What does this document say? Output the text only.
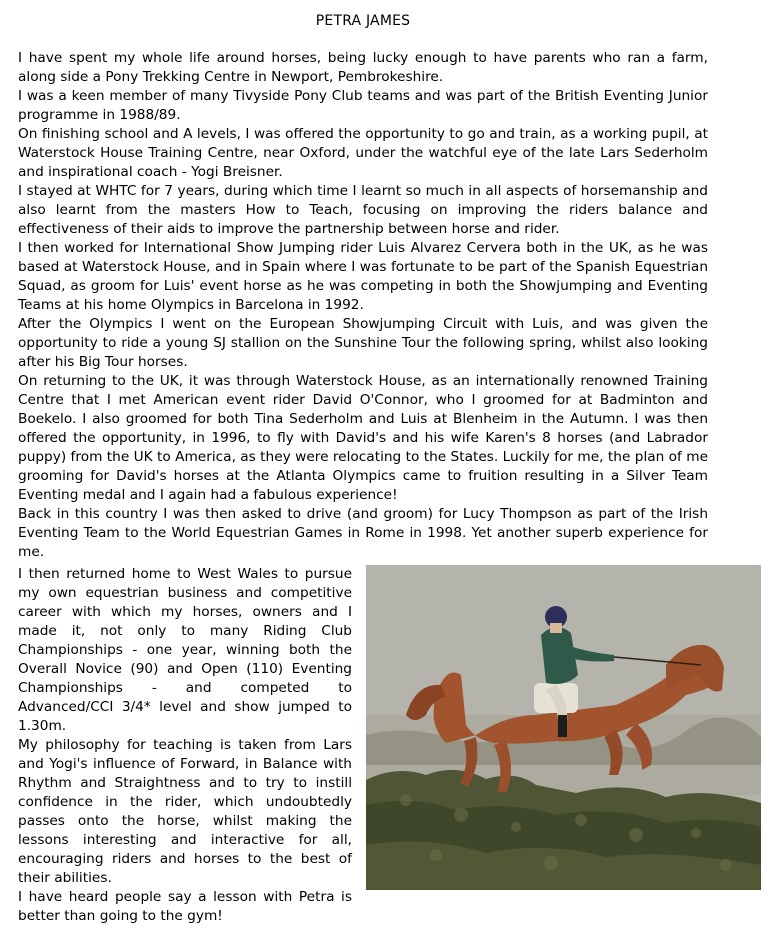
PETRA JAMES

I have spent my whole life around horses, being lucky enough to have parents who ran a farm, along side a Pony Trekking Centre in Newport, Pembrokeshire.

I was a keen member of many Tivyside Pony Club teams and was part of the British Eventing Junior programme in 1988/89.

On finishing school and A levels, I was offered the opportunity to go and train, as a working pupil, at Waterstock House Training Centre, near Oxford, under the watchful eye of the late Lars Sederholm and inspirational coach - Yogi Breisner.

I stayed at WHTC for 7 years, during which time I learnt so much in all aspects of horsemanship and also learnt from the masters How to Teach, focusing on improving the riders balance and effectiveness of their aids to improve the partnership between horse and rider.

I then worked for International Show Jumping rider Luis Alvarez Cervera both in the UK, as he was based at Waterstock House, and in Spain where I was fortunate to be part of the Spanish Equestrian Squad, as groom for Luis' event horse as he was competing in both the Showjumping and Eventing Teams at his home Olympics in Barcelona in 1992.

After the Olympics I went on the European Showjumping Circuit with Luis, and was given the opportunity to ride a young SJ stallion on the Sunshine Tour the following spring, whilst also looking after his Big Tour horses.

On returning to the UK, it was through Waterstock House, as an internationally renowned Training Centre that I met American event rider David O'Connor, who I groomed for at Badminton and Boekelo. I also groomed for both Tina Sederholm and Luis at Blenheim in the Autumn. I was then offered the opportunity, in 1996, to fly with David's and his wife Karen's 8 horses (and Labrador puppy) from the UK to America, as they were relocating to the States. Luckily for me, the plan of me grooming for David's horses at the Atlanta Olympics came to fruition resulting in a Silver Team Eventing medal and I again had a fabulous experience!

Back in this country I was then asked to drive (and groom) for Lucy Thompson as part of the Irish Eventing Team to the World Equestrian Games in Rome in 1998. Yet another superb experience for me.

I then returned home to West Wales to pursue my own equestrian business and competitive career with which my horses, owners and I made it, not only to many Riding Club Championships - one year, winning both the Overall Novice (90) and Open (110) Eventing Championships - and competed to Advanced/CCI 3/4* level and show jumped to 1.30m.

My philosophy for teaching is taken from Lars and Yogi's influence of Forward, in Balance with Rhythm and Straightness and to try to instill confidence in the rider, which undoubtedly passes onto the horse, whilst making the lessons interesting and interactive for all, encouraging riders and horses to the best of their abilities.

I have heard people say a lesson with Petra is better than going to the gym!
